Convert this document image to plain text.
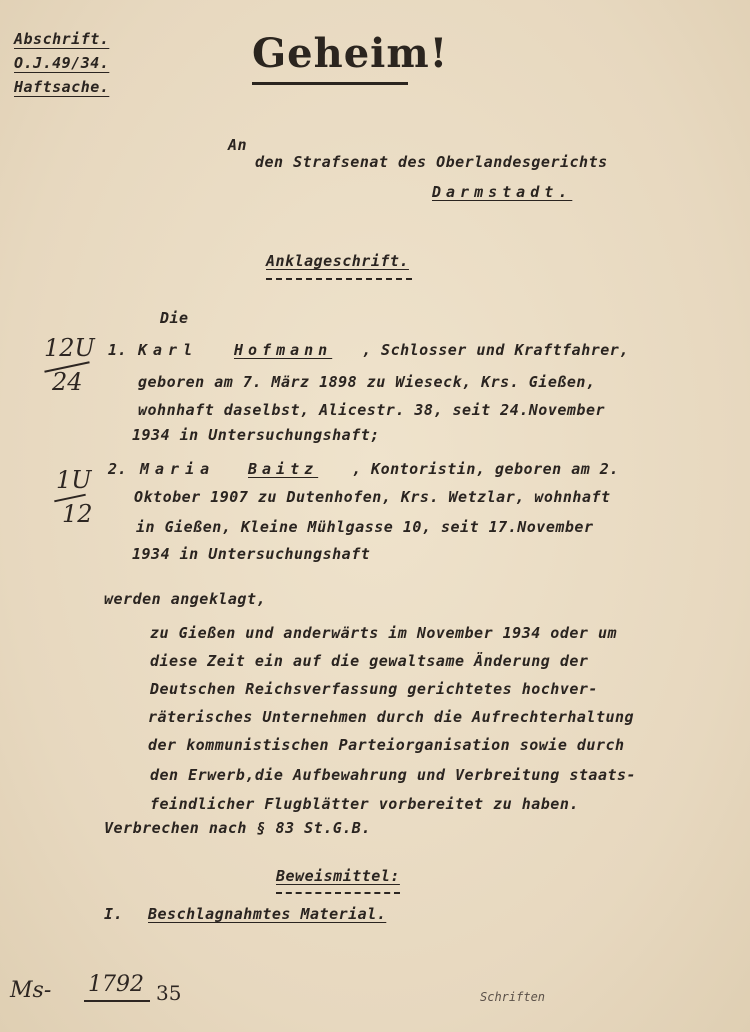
Abschrift.
O.J.49/34.
Haftsache.
Geheim!
An
den Strafsenat des Oberlandesgerichts
Darmstadt.
Anklageschrift.
Die
12U
24
1. Karl Hofmann , Schlosser und Kraftfahrer,
geboren am 7. März 1898 zu Wieseck, Krs. Gießen,
wohnhaft daselbst, Alicestr. 38, seit 24.November
1934 in Untersuchungshaft;
1U
12
2. Maria Baitz , Kontoristin, geboren am 2.
Oktober 1907 zu Dutenhofen, Krs. Wetzlar, wohnhaft
in Gießen, Kleine Mühlgasse 10, seit 17.November
1934 in Untersuchungshaft
werden angeklagt,
zu Gießen und anderwärts im November 1934 oder um
diese Zeit ein auf die gewaltsame Änderung der
Deutschen Reichsverfassung gerichtetes hochver-
räterisches Unternehmen durch die Aufrechterhaltung
der kommunistischen Parteiorganisation sowie durch
den Erwerb,die Aufbewahrung und Verbreitung staats-
feindlicher Flugblätter vorbereitet zu haben.
Verbrechen nach § 83 St.G.B.
Beweismittel:
I. Beschlagnahmtes Material.
Ms- 1792 35	Schriften
